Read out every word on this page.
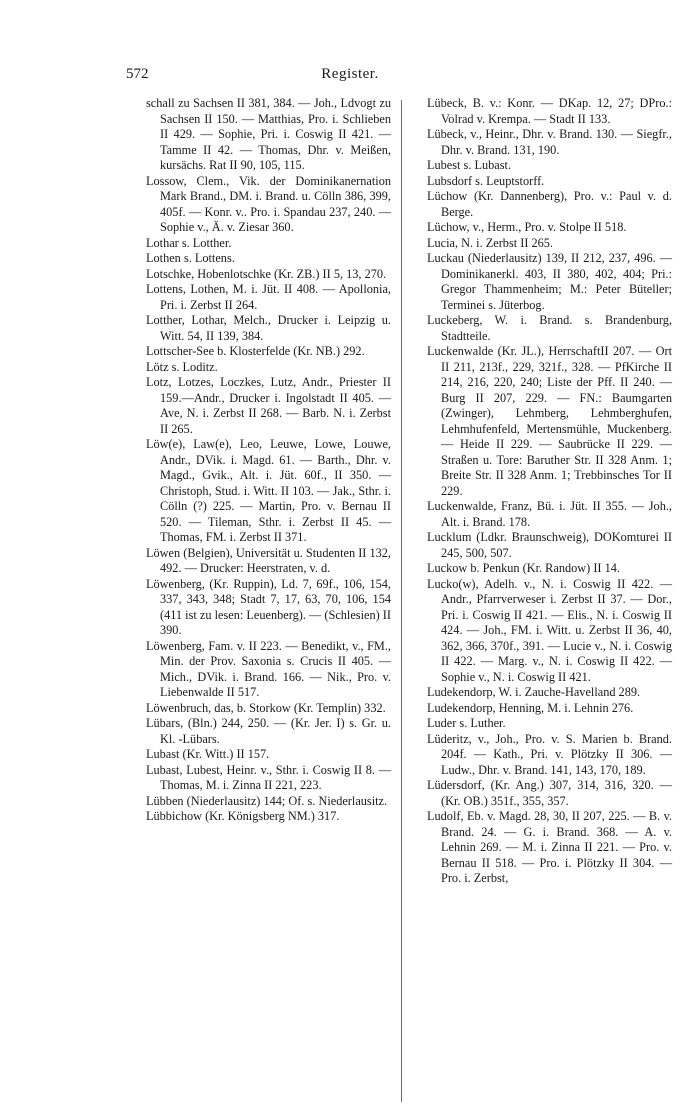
572	Register.

schall zu Sachsen II 381, 384. — Joh., Ldvogt zu Sachsen II 150. — Matthias, Pro. i. Schlieben II 429. — Sophie, Pri. i. Coswig II 421. — Tamme II 42. — Thomas, Dhr. v. Meißen, kursächs. Rat II 90, 105, 115.

Lossow, Clem., Vik. der Dominikanernation Mark Brand., DM. i. Brand. u. Cölln 386, 399, 405f. — Konr. v.. Pro. i. Spandau 237, 240. — Sophie v., Ä. v. Ziesar 360.

Lothar s. Lotther.

Lothen s. Lottens.

Lotschke, Hobenlotschke (Kr. ZB.) II 5, 13, 270.

Lottens, Lothen, M. i. Jüt. II 408. — Apollonia, Pri. i. Zerbst II 264.

Lotther, Lothar, Melch., Drucker i. Leipzig u. Witt. 54, II 139, 384.

Lottscher-See b. Klosterfelde (Kr. NB.) 292.

Lötz s. Loditz.

Lotz, Lotzes, Loczkes, Lutz, Andr., Priester II 159.—Andr., Drucker i. Ingolstadt II 405. — Ave, N. i. Zerbst II 268. — Barb. N. i. Zerbst II 265.

Löw(e), Law(e), Leo, Leuwe, Lowe, Louwe, Andr., DVik. i. Magd. 61. — Barth., Dhr. v. Magd., Gvik., Alt. i. Jüt. 60f., II 350. — Christoph, Stud. i. Witt. II 103. — Jak., Sthr. i. Cölln (?) 225. — Martin, Pro. v. Bernau II 520. — Tileman, Sthr. i. Zerbst II 45. — Thomas, FM. i. Zerbst II 371.

Löwen (Belgien), Universität u. Studenten II 132, 492. — Drucker: Heerstraten, v. d.

Löwenberg, (Kr. Ruppin), Ld. 7, 69f., 106, 154, 337, 343, 348; Stadt 7, 17, 63, 70, 106, 154 (411 ist zu lesen: Leuenberg). — (Schlesien) II 390.

Löwenberg, Fam. v. II 223. — Benedikt, v., FM., Min. der Prov. Saxonia s. Crucis II 405. — Mich., DVik. i. Brand. 166. — Nik., Pro. v. Liebenwalde II 517.

Löwenbruch, das, b. Storkow (Kr. Templin) 332.

Lübars, (Bln.) 244, 250. — (Kr. Jer. I) s. Gr. u. Kl. -Lübars.

Lubast (Kr. Witt.) II 157.

Lubast, Lubest, Heinr. v., Sthr. i. Coswig II 8. — Thomas, M. i. Zinna II 221, 223.

Lübben (Niederlausitz) 144; Of. s. Niederlausitz.

Lübbichow (Kr. Königsberg NM.) 317.

Lübeck, B. v.: Konr. — DKap. 12, 27; DPro.: Volrad v. Krempa. — Stadt II 133.

Lübeck, v., Heinr., Dhr. v. Brand. 130. — Siegfr., Dhr. v. Brand. 131, 190.

Lubest s. Lubast.

Lubsdorf s. Leuptstorff.

Lüchow (Kr. Dannenberg), Pro. v.: Paul v. d. Berge.

Lüchow, v., Herm., Pro. v. Stolpe II 518.

Lucia, N. i. Zerbst II 265.

Luckau (Niederlausitz) 139, II 212, 237, 496. — Dominikanerkl. 403, II 380, 402, 404; Pri.: Gregor Thammenheim; M.: Peter Büteller; Terminei s. Jüterbog.

Luckeberg, W. i. Brand. s. Brandenburg, Stadtteile.

Luckenwalde (Kr. JL.), HerrschaftII 207. — Ort II 211, 213f., 229, 321f., 328. — PfKirche II 214, 216, 220, 240; Liste der Pff. II 240. — Burg II 207, 229. — FN.: Baumgarten (Zwinger), Lehmberg, Lehmberghufen, Lehmhufenfeld, Mertensmühle, Muckenberg. — Heide II 229. — Saubrücke II 229. — Straßen u. Tore: Baruther Str. II 328 Anm. 1; Breite Str. II 328 Anm. 1; Trebbinsches Tor II 229.

Luckenwalde, Franz, Bü. i. Jüt. II 355. — Joh., Alt. i. Brand. 178.

Lucklum (Ldkr. Braunschweig), DOKomturei II 245, 500, 507.

Luckow b. Penkun (Kr. Randow) II 14.

Lucko(w), Adelh. v., N. i. Coswig II 422. — Andr., Pfarrverweser i. Zerbst II 37. — Dor., Pri. i. Coswig II 421. — Elis., N. i. Coswig II 424. — Joh., FM. i. Witt. u. Zerbst II 36, 40, 362, 366, 370f., 391. — Lucie v., N. i. Coswig II 422. — Marg. v., N. i. Coswig II 422. — Sophie v., N. i. Coswig II 421.

Ludekendorp, W. i. Zauche-Havelland 289.

Ludekendorp, Henning, M. i. Lehnin 276.

Luder s. Luther.

Lüderitz, v., Joh., Pro. v. S. Marien b. Brand. 204f. — Kath., Pri. v. Plötzky II 306. — Ludw., Dhr. v. Brand. 141, 143, 170, 189.

Lüdersdorf, (Kr. Ang.) 307, 314, 316, 320. — (Kr. OB.) 351f., 355, 357.

Ludolf, Eb. v. Magd. 28, 30, II 207, 225. — B. v. Brand. 24. — G. i. Brand. 368. — A. v. Lehnin 269. — M. i. Zinna II 221. — Pro. v. Bernau II 518. — Pro. i. Plötzky II 304. — Pro. i. Zerbst,
